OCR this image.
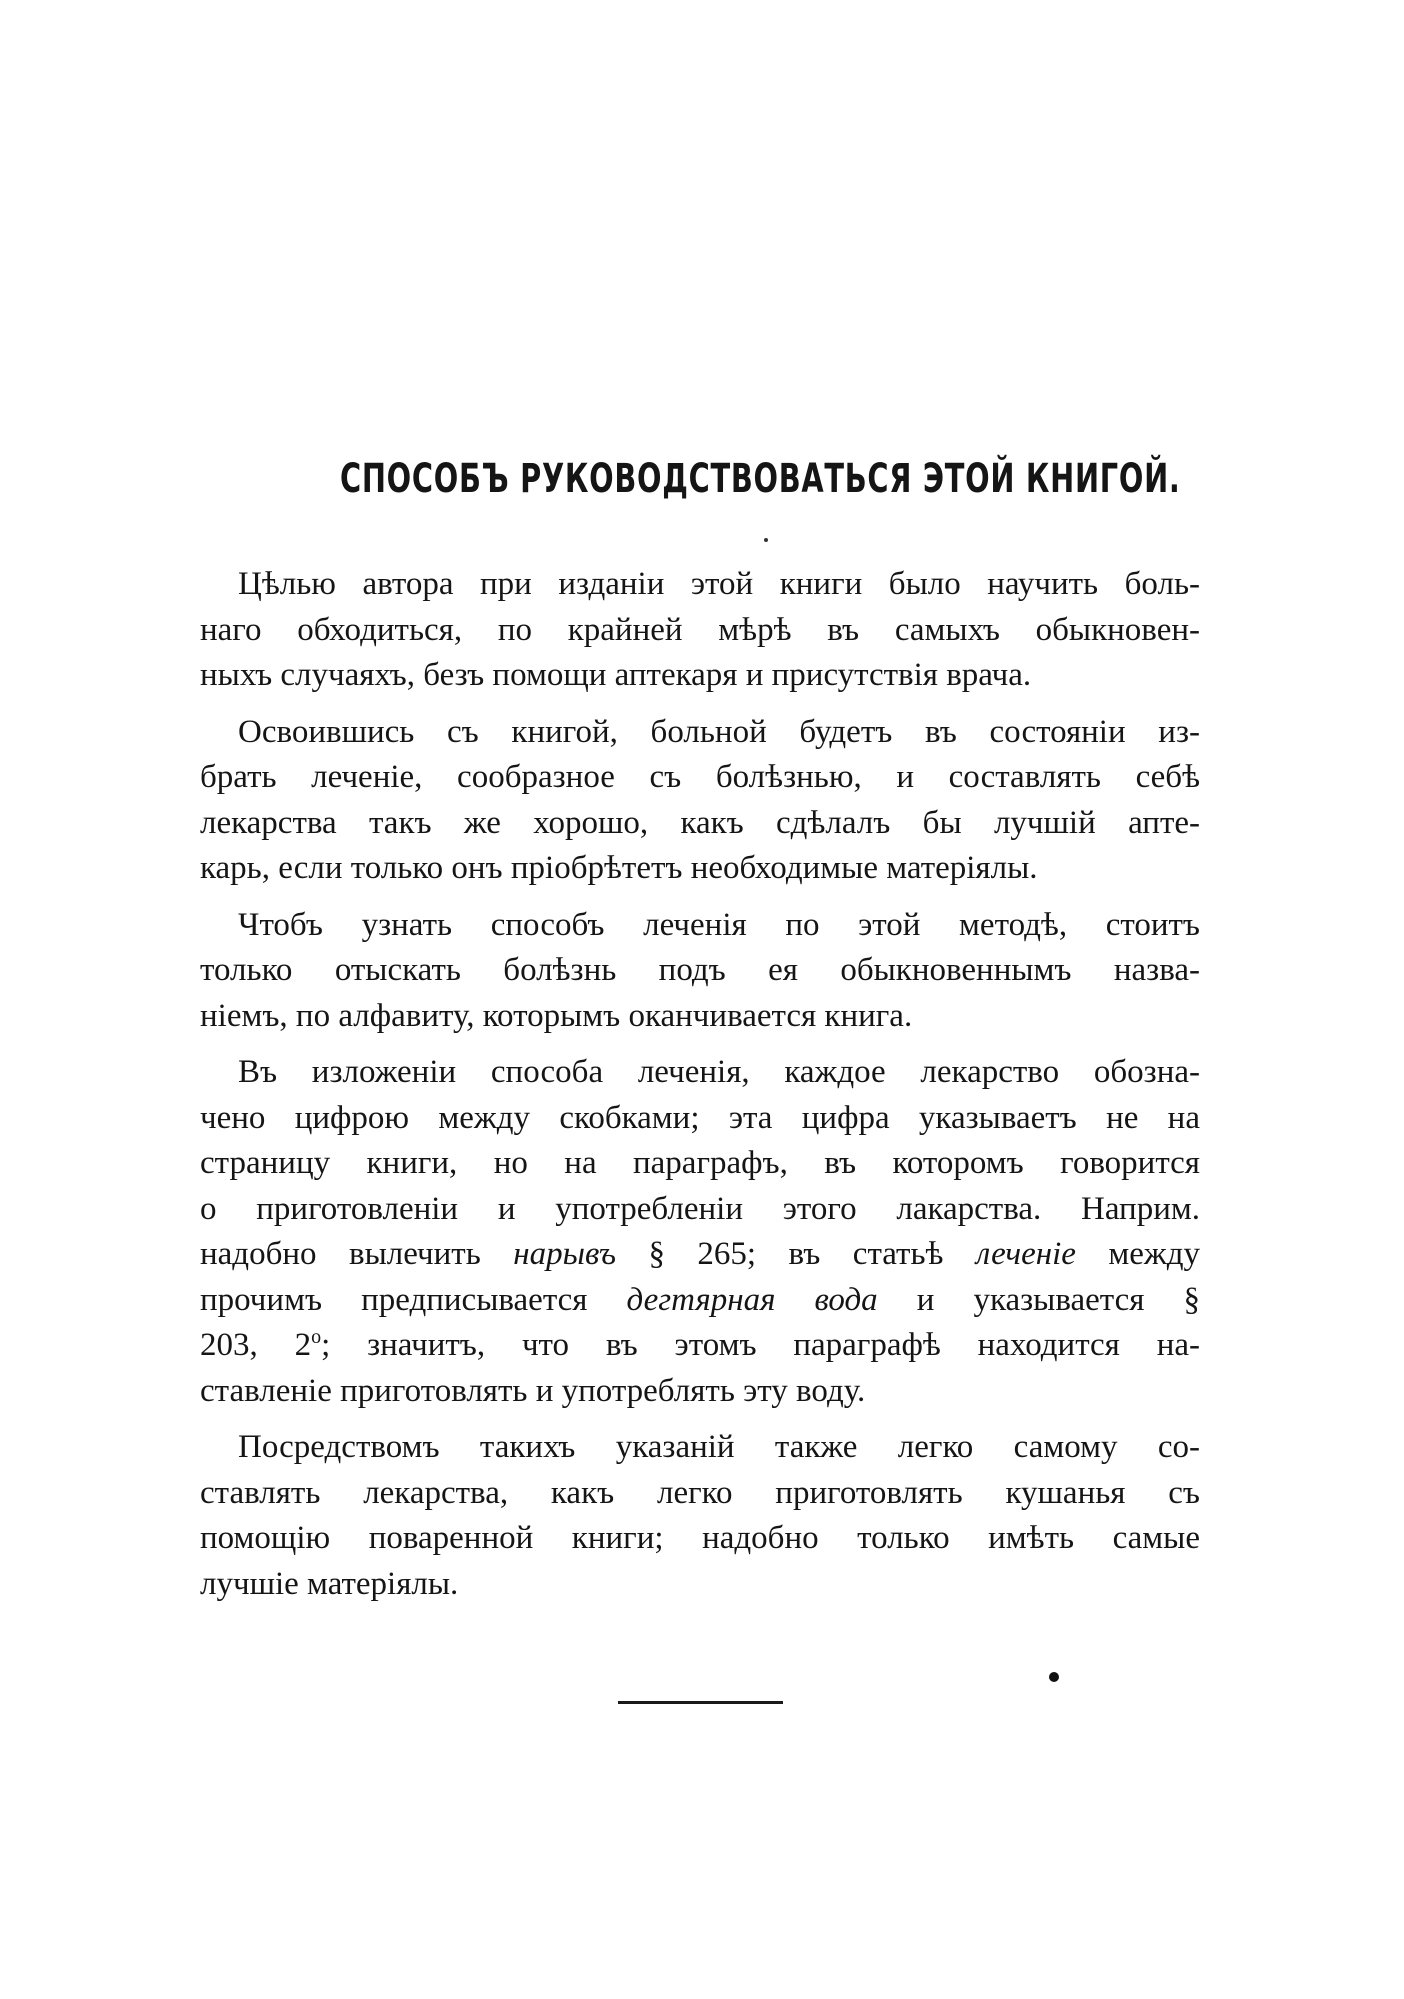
СПОСОБЪ РУКОВОДСТВОВАТЬСЯ ЭТОЙ КНИГОЙ.

Цѣлью автора при изданіи этой книги было научить боль-
наго обходиться, по крайней мѣрѣ въ самыхъ обыкновен-
ныхъ случаяхъ, безъ помощи аптекаря и присутствія врача.

Освоившись съ книгой, больной будетъ въ состояніи из-
брать леченіе, сообразное съ болѣзнью, и составлять себѣ
лекарства такъ же хорошо, какъ сдѣлалъ бы лучшій апте-
карь, если только онъ пріобрѣтетъ необходимые матеріялы.

Чтобъ узнать способъ леченія по этой методѣ, стоитъ
только отыскать болѣзнь подъ ея обыкновеннымъ назва-
ніемъ, по алфавиту, которымъ оканчивается книга.

Въ изложеніи способа леченія, каждое лекарство обозна-
чено цифрою между скобками; эта цифра указываетъ не на
страницу книги, но на параграфъ, въ которомъ говорится
о приготовленіи и употребленіи этого лакарства. Наприм.
надобно вылечить нарывъ § 265; въ статьѣ леченіе между
прочимъ предписывается дегтярная вода и указывается §
203, 2$^o$; значитъ, что въ этомъ параграфѣ находится на-
ставленіе приготовлять и употреблять эту воду.

Посредствомъ такихъ указаній также легко самому со-
ставлять лекарства, какъ легко приготовлять кушанья съ
помощію поваренной книги; надобно только имѣть самые
лучшіе матеріялы.
